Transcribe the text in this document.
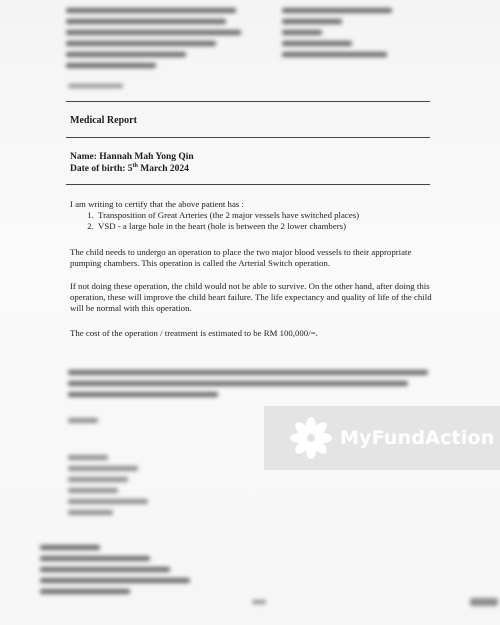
Medical Report
Name: Hannah Mah Yong Qin
Date of birth: 5th March 2024
I am writing to certify that the above patient has :
1. Transposition of Great Arteries (the 2 major vessels have switched places)
2. VSD - a large hole in the heart (hole is between the 2 lower chambers)
The child needs to undergo an operation to place the two major blood vessels to their appropriate pumping chambers. This operation is called the Arterial Switch operation.
If not doing these operation, the child would not be able to survive. On the other hand, after doing this operation, these will improve the child heart failure. The life expectancy and quality of life of the child will be normal with this operation.
The cost of the operation / treatment is estimated to be RM 100,000/=.
MyFundAction
